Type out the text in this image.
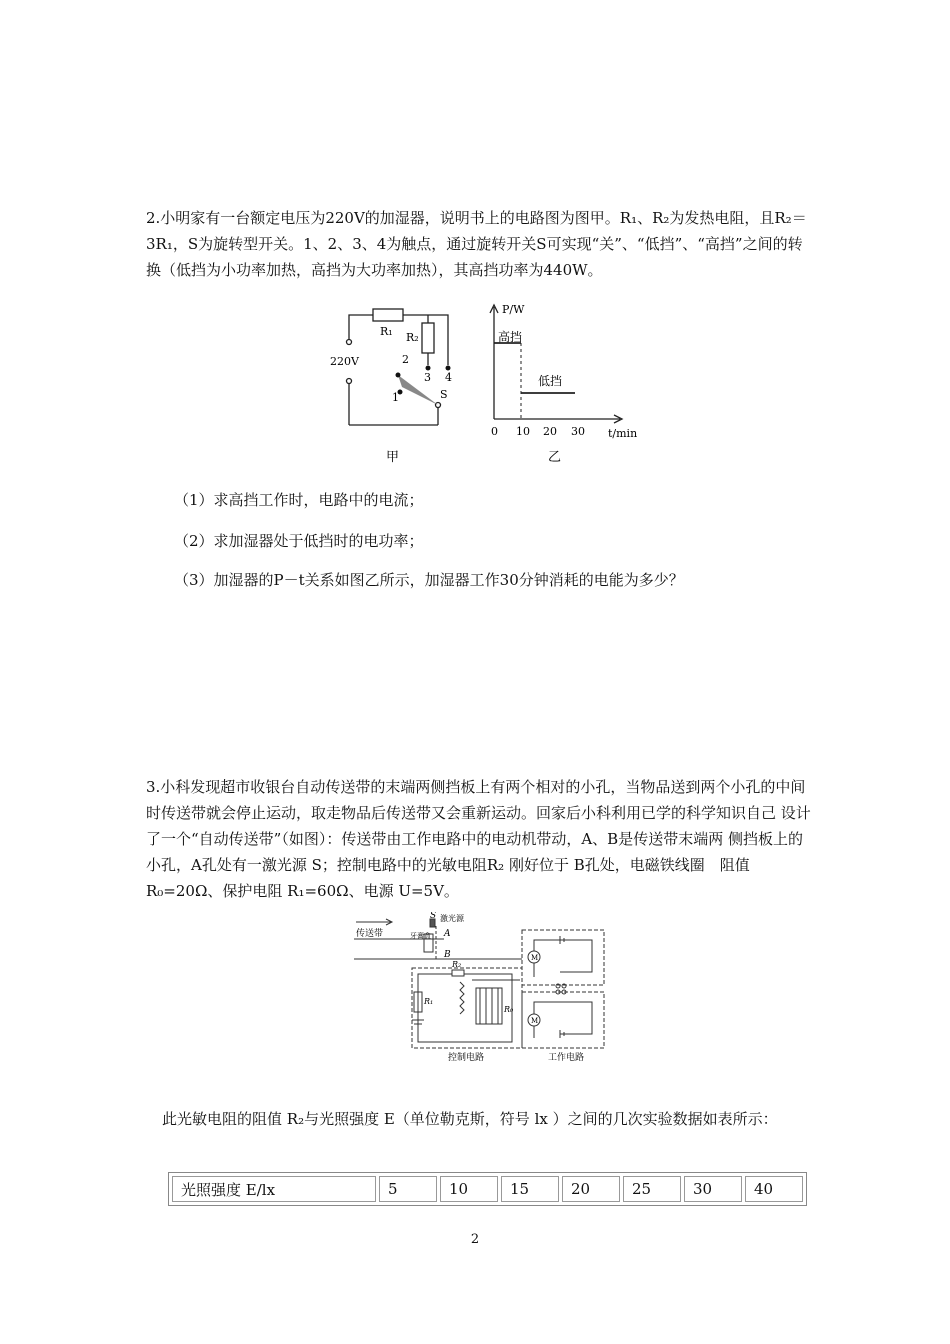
2.小明家有一台额定电压为220V的加湿器，说明书上的电路图为图甲。R₁、R₂为发热电阻，且R₂＝3R₁，S为旋转型开关。1、2、3、4为触点，通过旋转开关S可实现“关”、“低挡”、“高挡”之间的转换（低挡为小功率加热，高挡为大功率加热），其高挡功率为440W。
R₁ R₂
220V	2
3 4
1	S
甲
P/W
高挡
低挡
0 10 20 30 t/min
乙
（1）求高挡工作时，电路中的电流；
（2）求加湿器处于低挡时的电功率；
（3）加湿器的P－t关系如图乙所示，加湿器工作30分钟消耗的电能为多少？
3.小科发现超市收银台自动传送带的末端两侧挡板上有两个相对的小孔，当物品送到两个小孔的中间时传送带就会停止运动，取走物品后传送带又会重新运动。回家后小科利用已学的科学知识自己 设计了一个“自动传送带”（如图）：传送带由工作电路中的电动机带动，A、B是传送带末端两 侧挡板上的小孔，A孔处有一激光源 S；控制电路中的光敏电阻R₂ 刚好位于 B孔处，电磁铁线圈　阻值 R₀=20Ω、保护电阻 R₁=60Ω、电源 U=5V。
S 激光源
传送带	牙膏盒 A
B
R₁
R₂
R₀
M
M
控制电路	工作电路
此光敏电阻的阻值 R₂与光照强度 E（单位勒克斯，符号 lx ）之间的几次实验数据如表所示：
光照强度 E/lx	5	10	15	20	25	30	40
2
